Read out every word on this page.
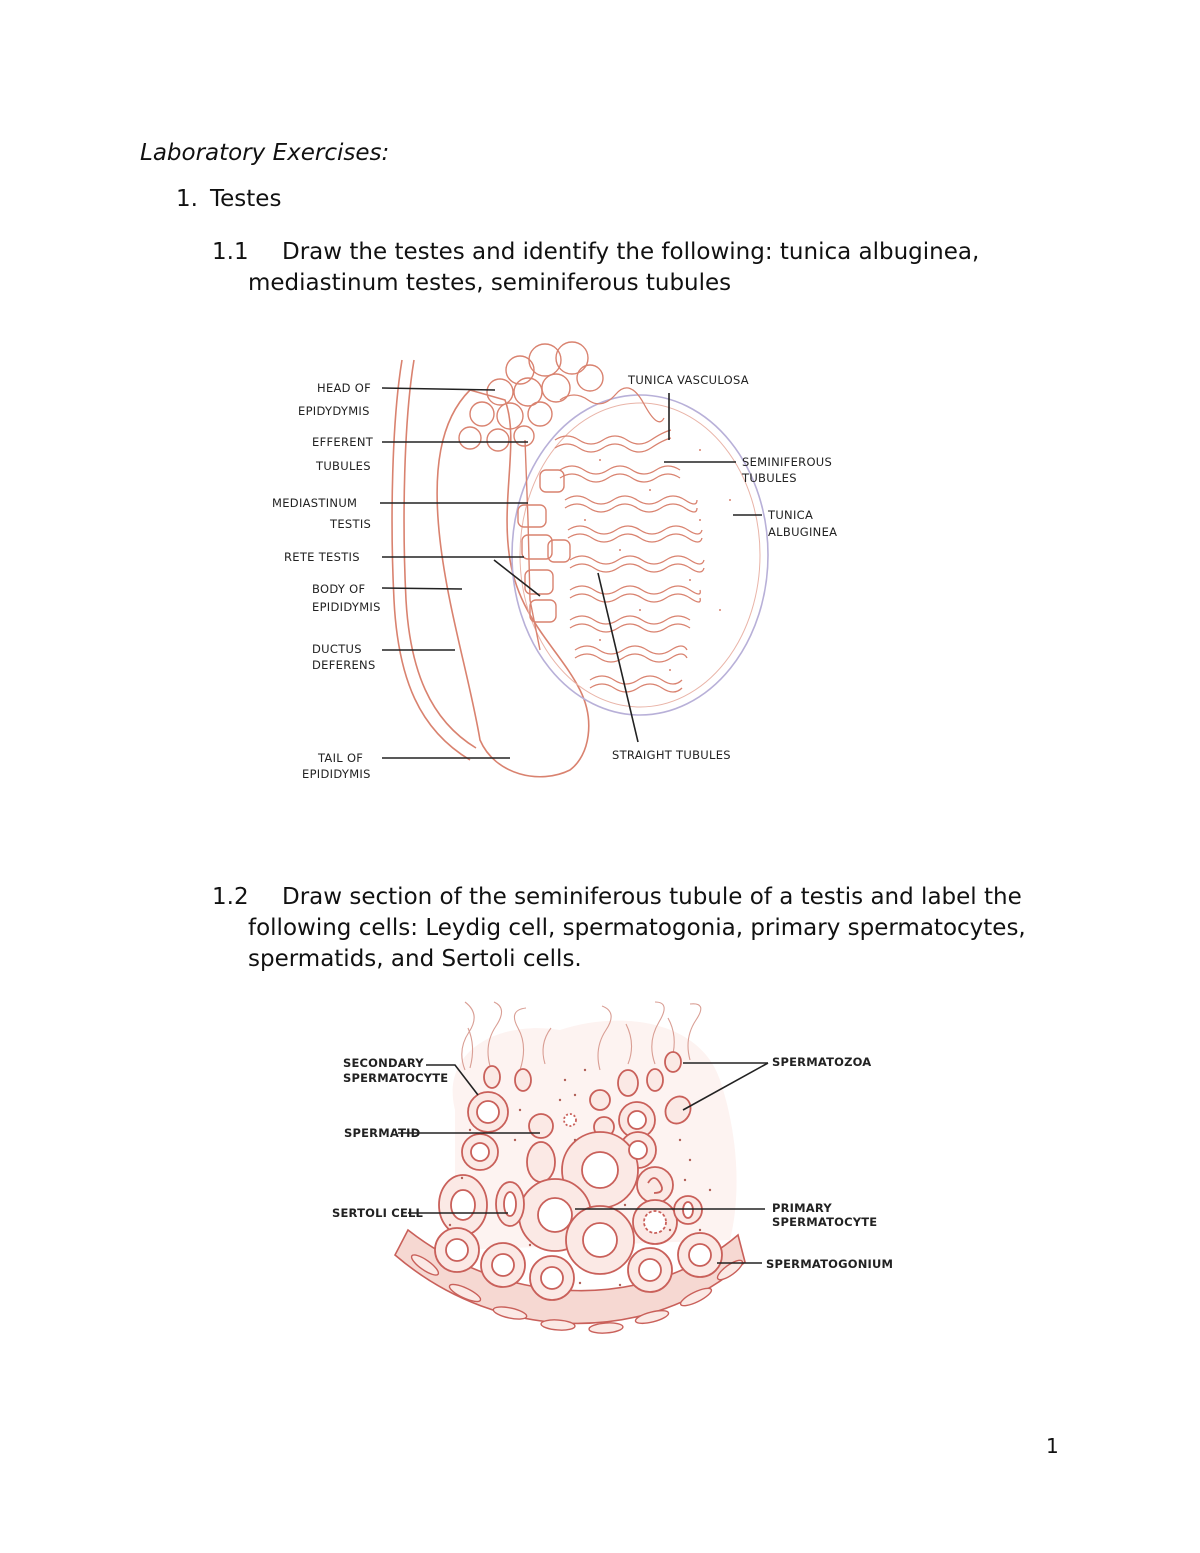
Laboratory Exercises:
1. Testes
1.1 Draw the testes and identify the following: tunica albuginea,
mediastinum testes, seminiferous tubules
HEAD OF
EPIDYDYMIS
EFFERENT
TUBULES
MEDIASTINUM
TESTIS
RETE TESTIS
BODY OF
EPIDIDYMIS
DUCTUS
DEFERENS
TAIL OF
EPIDIDYMIS
TUNICA VASCULOSA
SEMINIFEROUS
TUBULES
TUNICA
ALBUGINEA
STRAIGHT TUBULES
1.2 Draw section of the seminiferous tubule of a testis and label the
following cells: Leydig cell, spermatogonia, primary spermatocytes,
spermatids, and Sertoli cells.
SECONDARY
SPERMATOCYTE
SPERMATID
SERTOLI CELL
SPERMATOZOA
PRIMARY
SPERMATOCYTE
SPERMATOGONIUM
1
